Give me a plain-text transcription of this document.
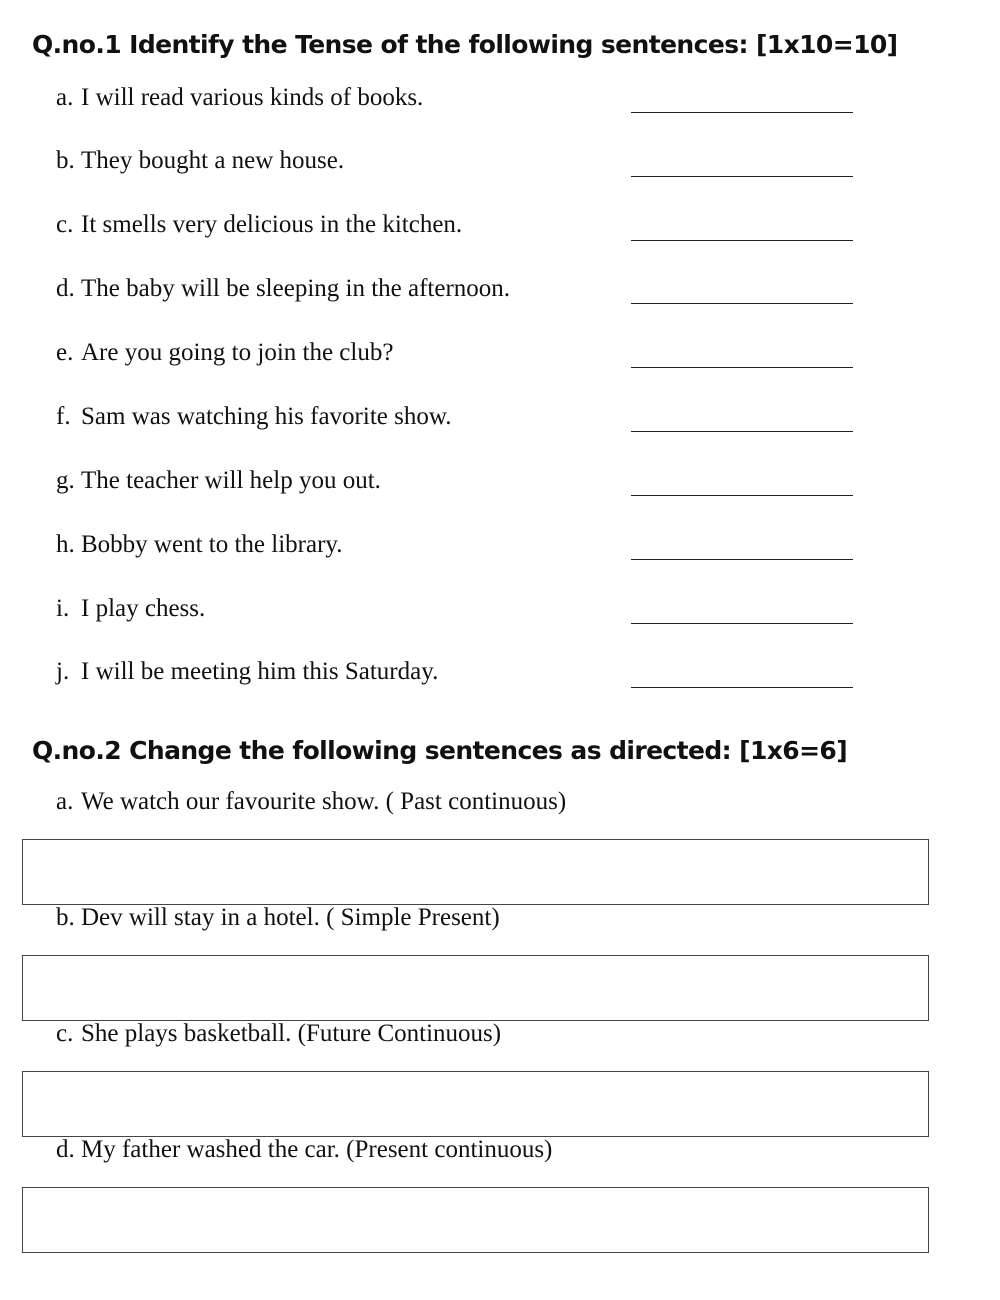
Q.no.1 Identify the Tense of the following sentences: [1x10=10]
a. I will read various kinds of books.
b. They bought a new house.
c. It smells very delicious in the kitchen.
d. The baby will be sleeping in the afternoon.
e. Are you going to join the club?
f. Sam was watching his favorite show.
g. The teacher will help you out.
h. Bobby went to the library.
i. I play chess.
j. I will be meeting him this Saturday.
Q.no.2 Change the following sentences as directed: [1x6=6]
a. We watch our favourite show. ( Past continuous)
b. Dev will stay in a hotel. ( Simple Present)
c. She plays basketball. (Future Continuous)
d. My father washed the car. (Present continuous)
